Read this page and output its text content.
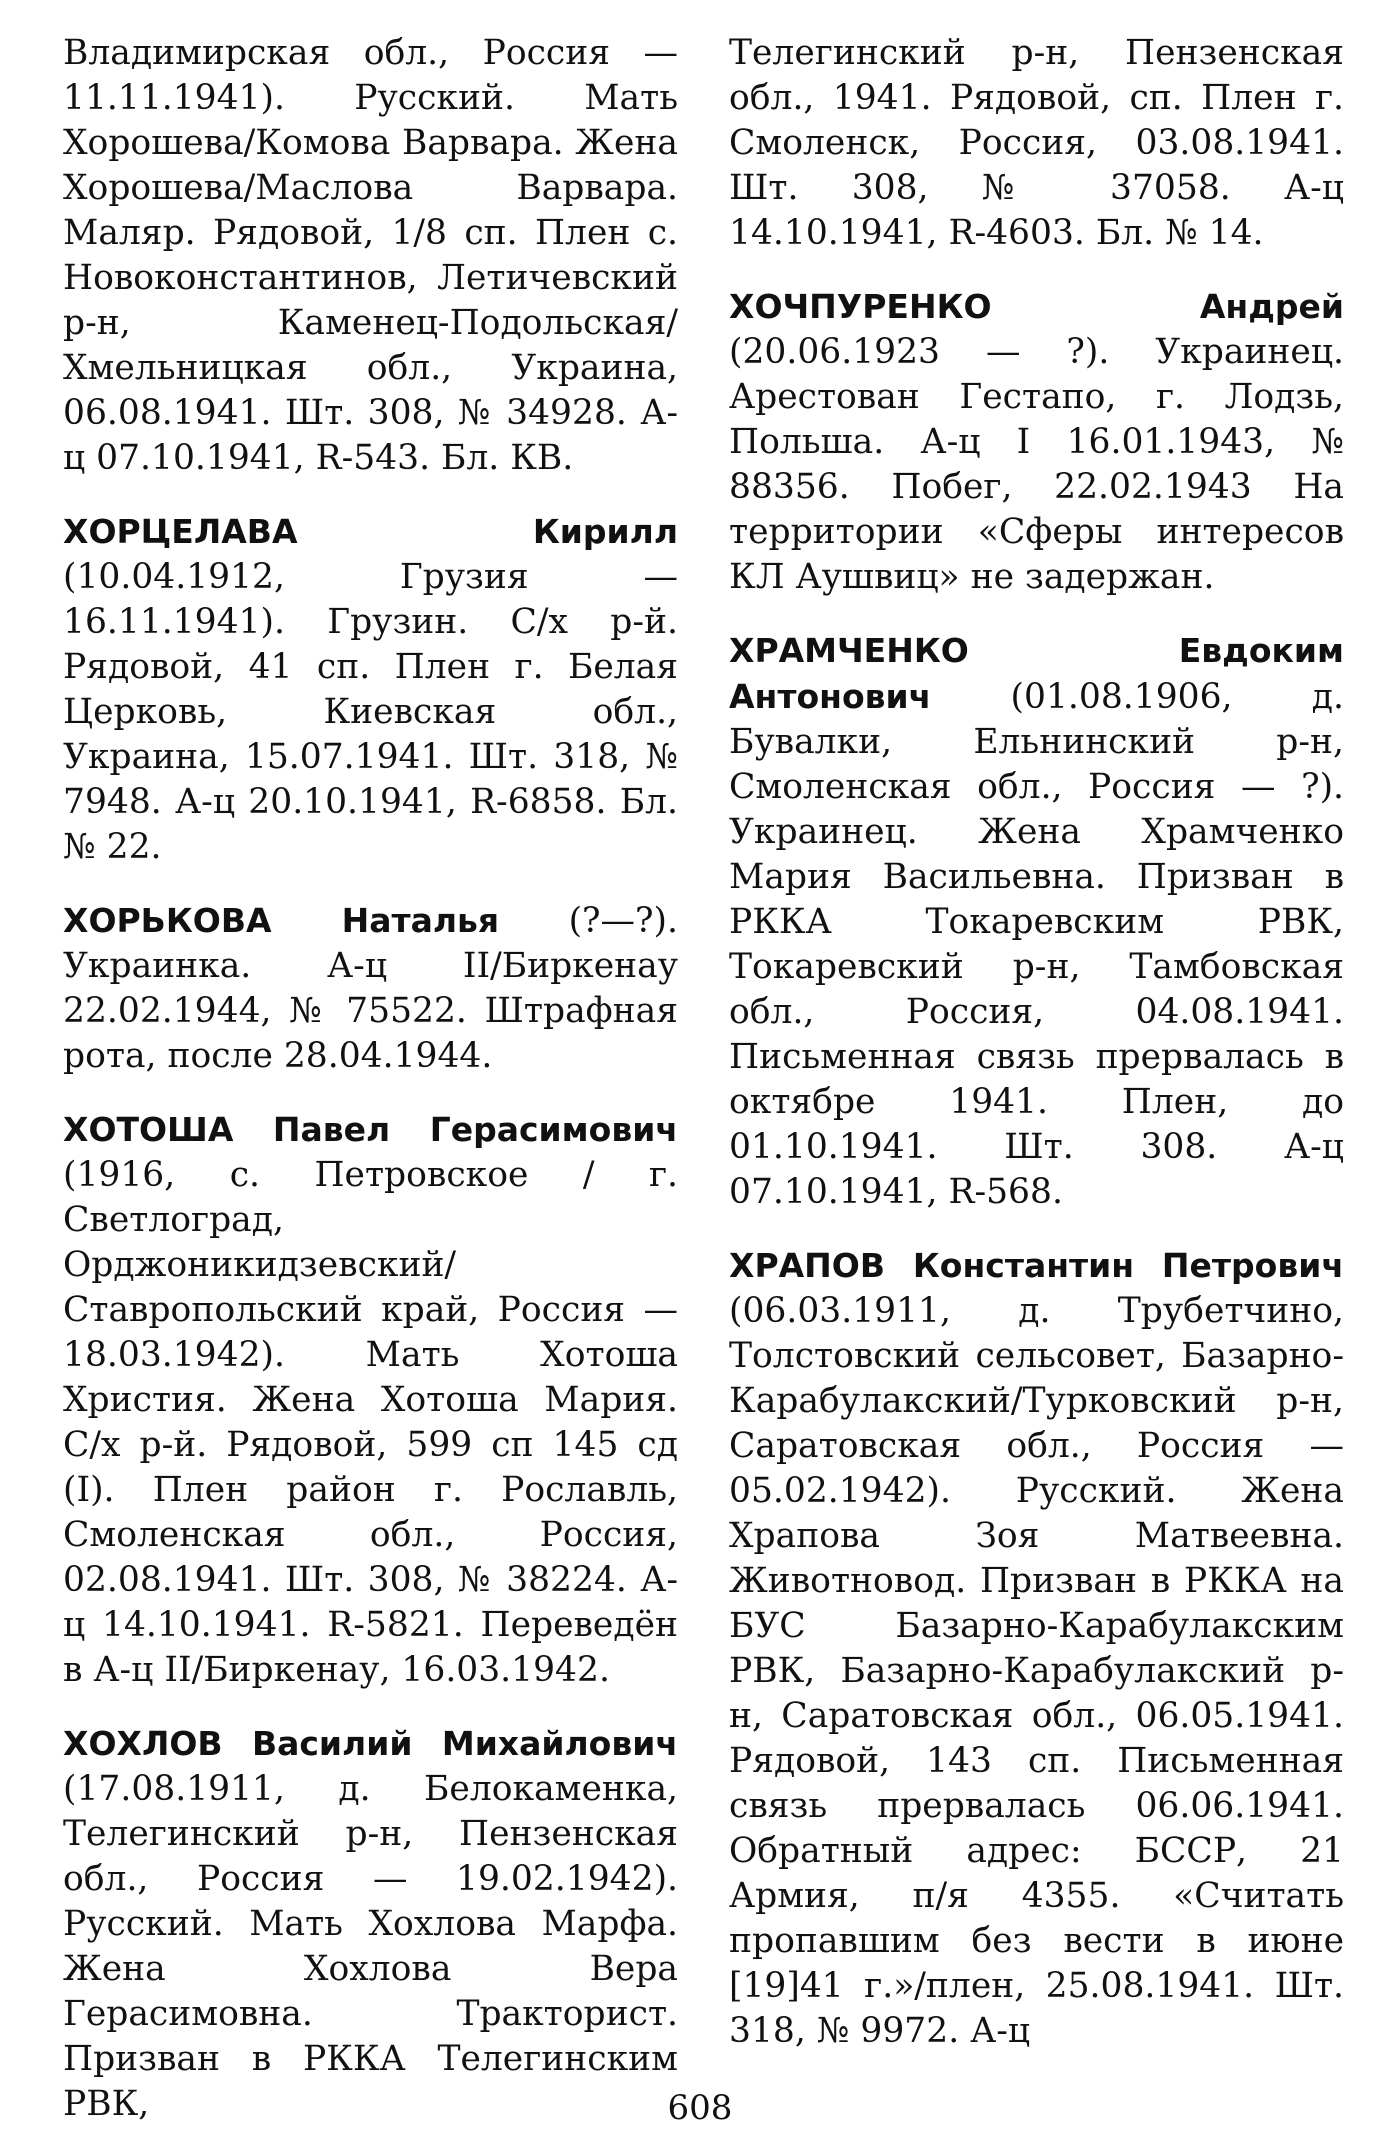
Владимирская обл., Россия — 11.11.1941). Русский. Мать Хорошева/Комова Варвара. Жена Хорошева/Маслова Варвара. Маляр. Рядовой, 1/8 сп. Плен с. Новоконстантинов, Летичевский р-н, Каменец-Подольская/Хмельницкая обл., Украина, 06.08.1941. Шт. 308, № 34928. А-ц 07.10.1941, R-543. Бл. КВ.

ХОРЦЕЛАВА Кирилл (10.04.1912, Грузия — 16.11.1941). Грузин. С/х р-й. Рядовой, 41 сп. Плен г. Белая Церковь, Киевская обл., Украина, 15.07.1941. Шт. 318, № 7948. А-ц 20.10.1941, R-6858. Бл. № 22.

ХОРЬКОВА Наталья (?—?). Украинка. А-ц II/Биркенау 22.02.1944, № 75522. Штрафная рота, после 28.04.1944.

ХОТОША Павел Герасимович (1916, с. Петровское / г. Светлоград, Орджоникидзевский/Ставропольский край, Россия — 18.03.1942). Мать Хотоша Христия. Жена Хотоша Мария. С/х р-й. Рядовой, 599 сп 145 сд (I). Плен район г. Рославль, Смоленская обл., Россия, 02.08.1941. Шт. 308, № 38224. А-ц 14.10.1941. R-5821. Переведён в А-ц II/Биркенау, 16.03.1942.

ХОХЛОВ Василий Михайлович (17.08.1911, д. Белокаменка, Телегинский р-н, Пензенская обл., Россия — 19.02.1942). Русский. Мать Хохлова Марфа. Жена Хохлова Вера Герасимовна. Тракторист. Призван в РККА Телегинским РВК,

Телегинский р-н, Пензенская обл., 1941. Рядовой, сп. Плен г. Смоленск, Россия, 03.08.1941. Шт. 308, № 37058. А-ц 14.10.1941, R-4603. Бл. № 14.

ХОЧПУРЕНКО Андрей (20.06.1923 — ?). Украинец. Арестован Гестапо, г. Лодзь, Польша. А-ц I 16.01.1943, № 88356. Побег, 22.02.1943 На территории «Сферы интересов КЛ Аушвиц» не задержан.

ХРАМЧЕНКО Евдоким Антонович (01.08.1906, д. Бувалки, Ельнинский р-н, Смоленская обл., Россия — ?). Украинец. Жена Храмченко Мария Васильевна. Призван в РККА Токаревским РВК, Токаревский р-н, Тамбовская обл., Россия, 04.08.1941. Письменная связь прервалась в октябре 1941. Плен, до 01.10.1941. Шт. 308. А-ц 07.10.1941, R-568.

ХРАПОВ Константин Петрович (06.03.1911, д. Трубетчино, Толстовский сельсовет, Базарно-Карабулакский/Турковский р-н, Саратовская обл., Россия — 05.02.1942). Русский. Жена Храпова Зоя Матвеевна. Животновод. Призван в РККА на БУС Базарно-Карабулакским РВК, Базарно-Карабулакский р-н, Саратовская обл., 06.05.1941. Рядовой, 143 сп. Письменная связь прервалась 06.06.1941. Обратный адрес: БССР, 21 Армия, п/я 4355. «Считать пропавшим без вести в июне [19]41 г.»/плен, 25.08.1941. Шт. 318, № 9972. А-ц

608
